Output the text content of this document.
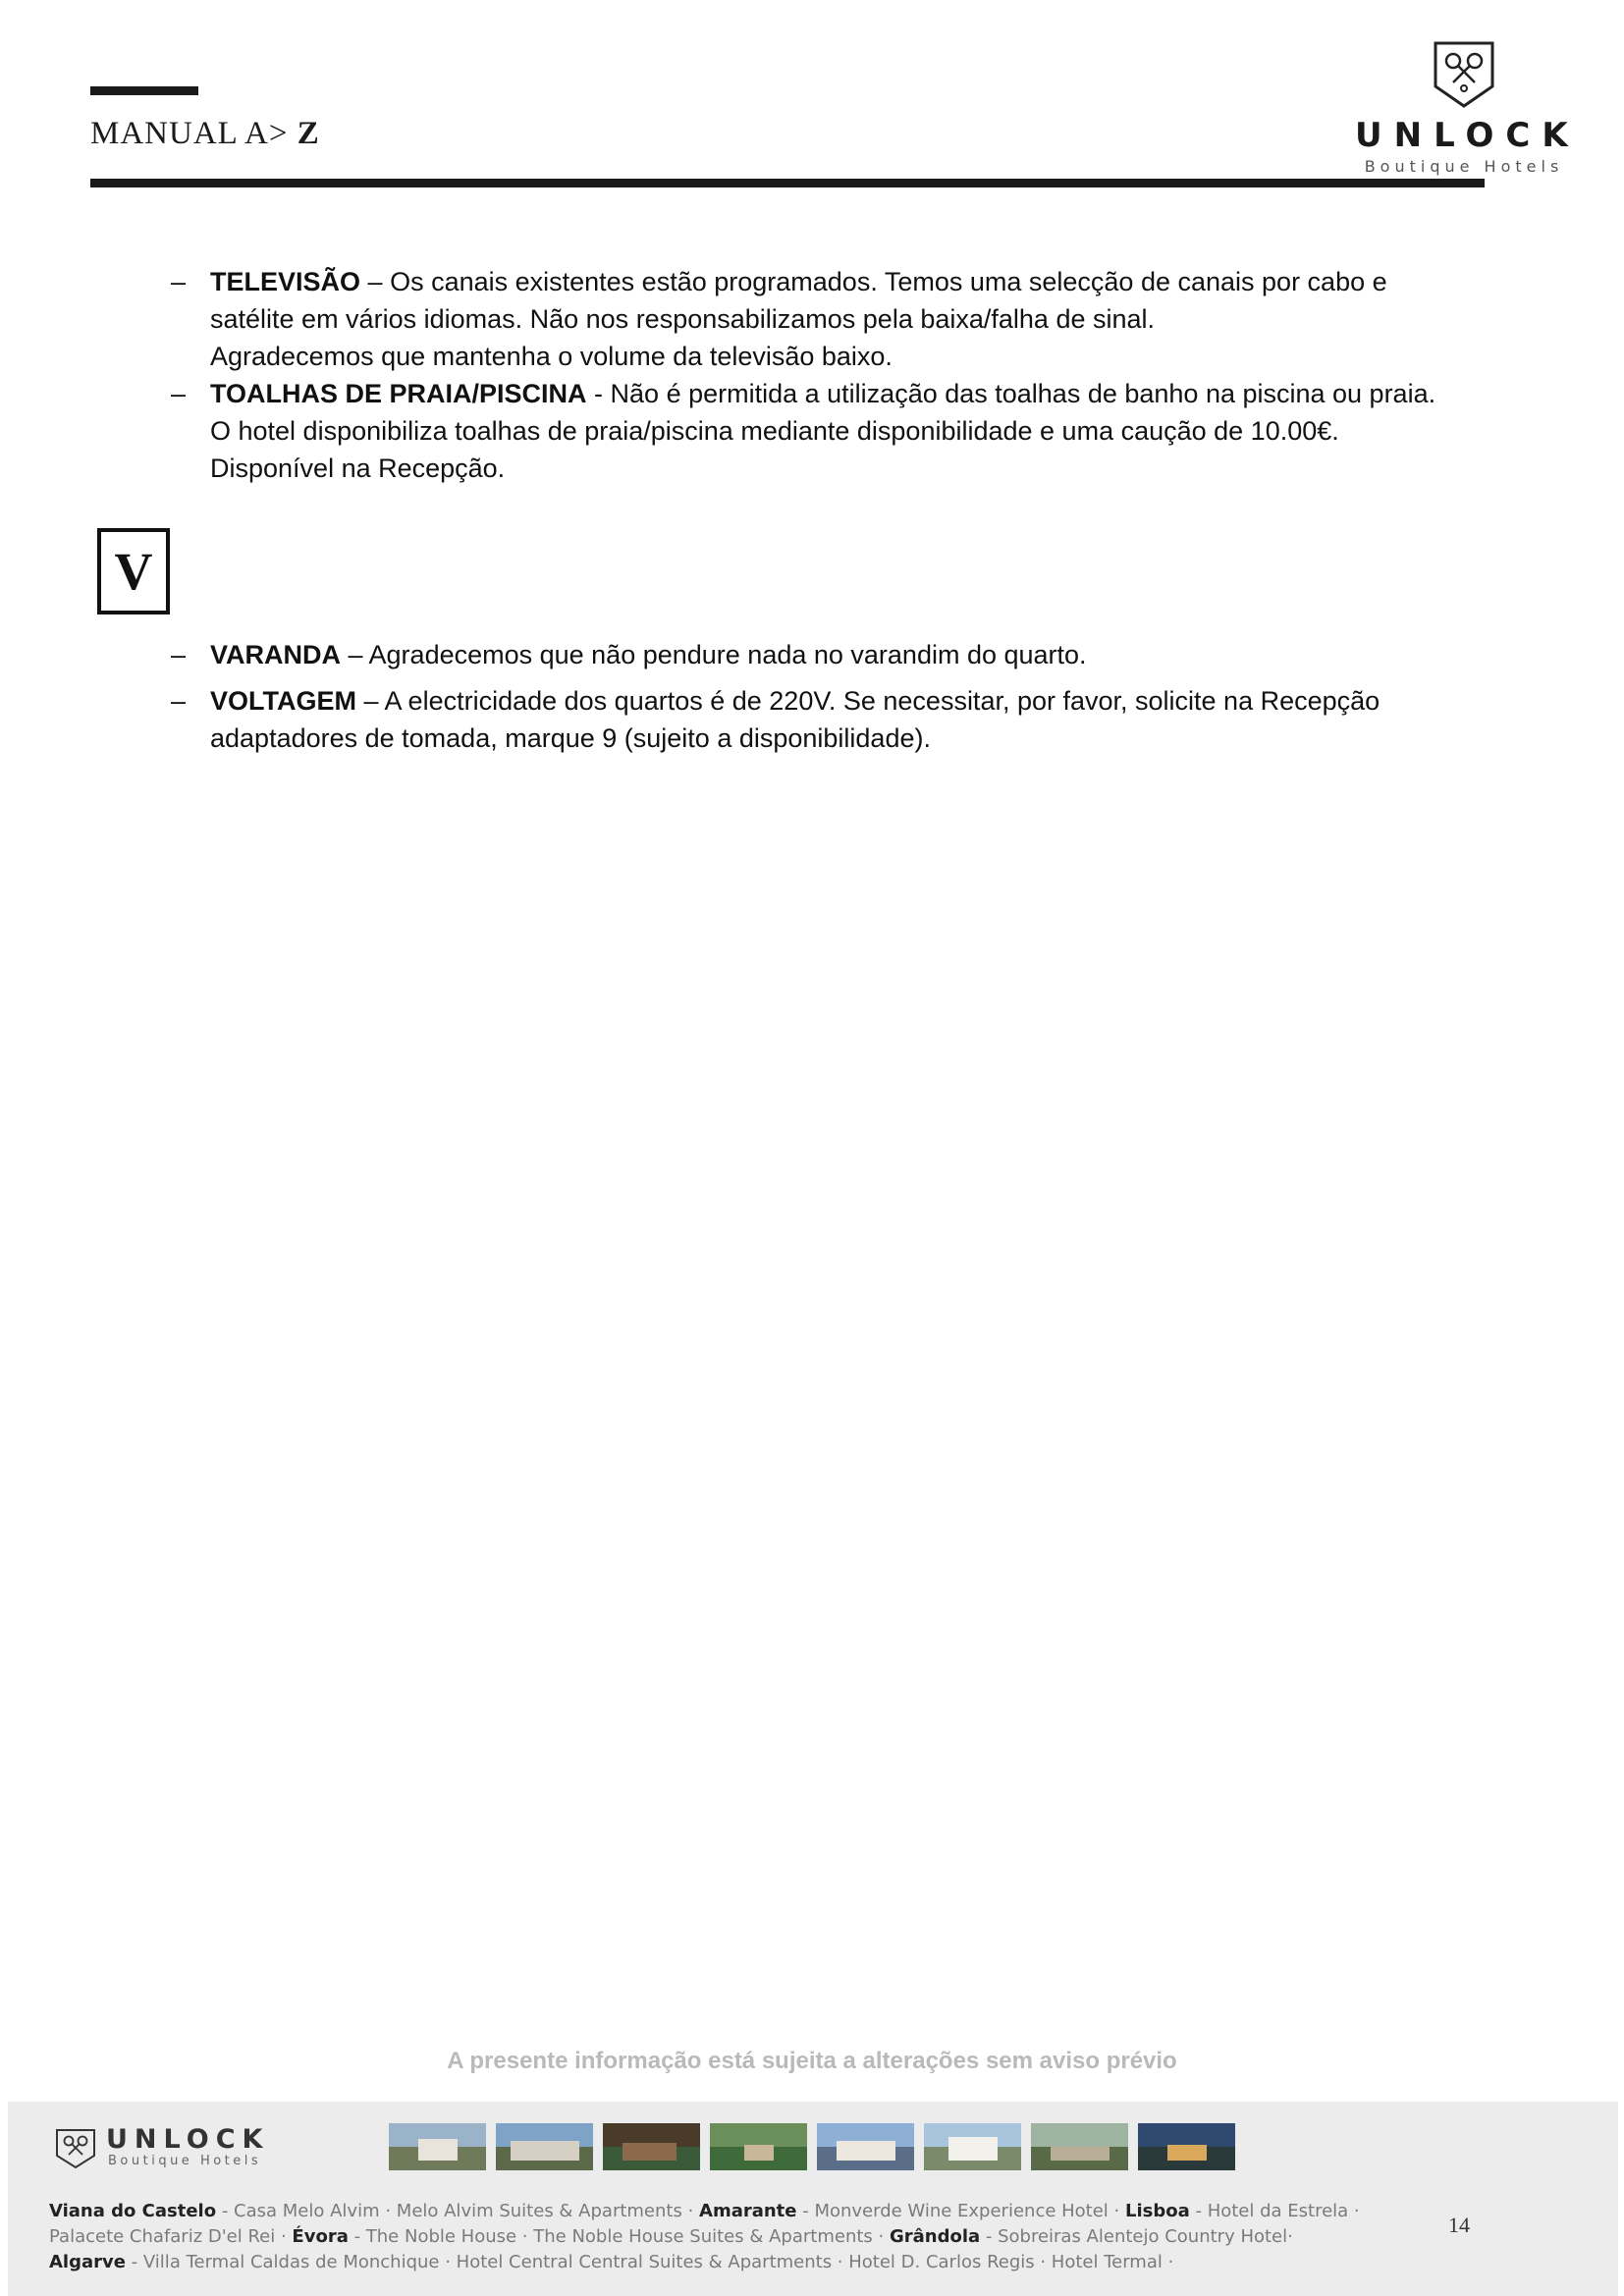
MANUAL A> Z	UNLOCK
Boutique Hotels
– TELEVISÃO – Os canais existentes estão programados. Temos uma selecção de canais por cabo e
satélite em vários idiomas. Não nos responsabilizamos pela baixa/falha de sinal.
Agradecemos que mantenha o volume da televisão baixo.
– TOALHAS DE PRAIA/PISCINA - Não é permitida a utilização das toalhas de banho na piscina ou praia.
O hotel disponibiliza toalhas de praia/piscina mediante disponibilidade e uma caução de 10.00€.
Disponível na Recepção.
V
– VARANDA – Agradecemos que não pendure nada no varandim do quarto.
– VOLTAGEM – A electricidade dos quartos é de 220V. Se necessitar, por favor, solicite na Recepção
adaptadores de tomada, marque 9 (sujeito a disponibilidade).
A presente informação está sujeita a alterações sem aviso prévio
UNLOCK
Boutique Hotels
Viana do Castelo - Casa Melo Alvim · Melo Alvim Suites & Apartments · Amarante - Monverde Wine Experience Hotel · Lisboa - Hotel da Estrela ·
Palacete Chafariz D'el Rei · Évora - The Noble House · The Noble House Suites & Apartments · Grândola - Sobreiras Alentejo Country Hotel·
Algarve - Villa Termal Caldas de Monchique · Hotel Central Central Suites & Apartments · Hotel D. Carlos Regis · Hotel Termal ·
14
